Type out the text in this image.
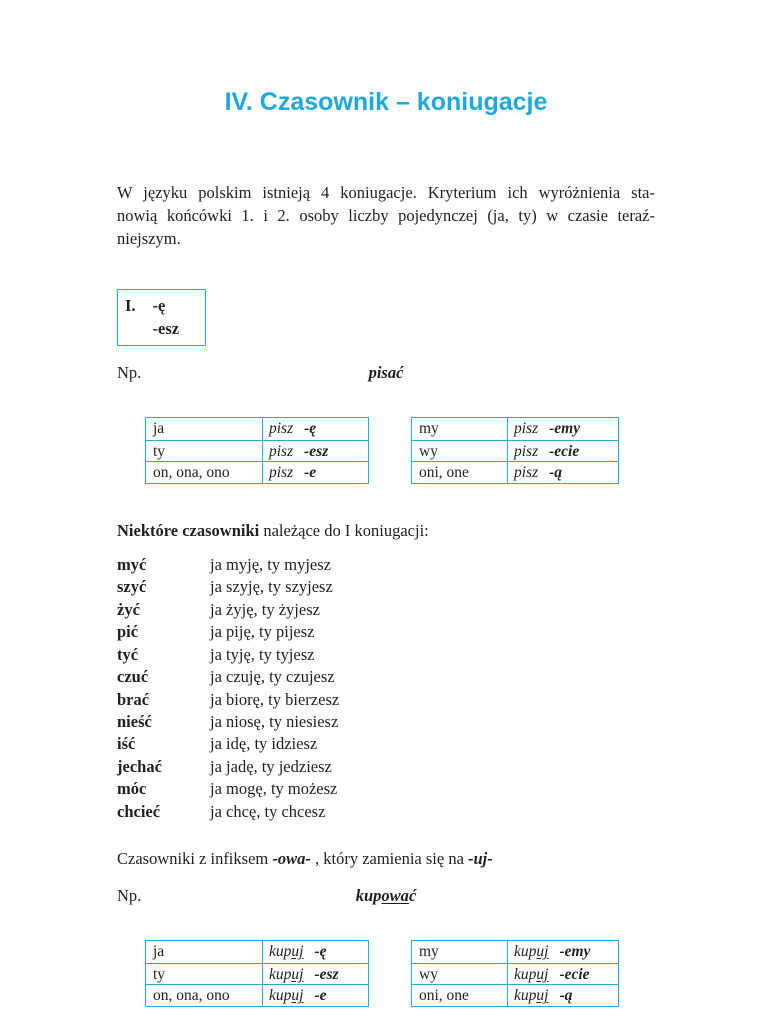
IV. Czasownik – koniugacje
W języku polskim istnieją 4 koniugacje. Kryterium ich wyróżnienia sta-
nowią końcówki 1. i 2. osoby liczby pojedynczej (ja, ty) w czasie teraź-
niejszym.
I. -ę
-esz
Np.	pisać
ja	pisz -ę
ty	pisz -esz
on, ona, ono	pisz -e
my	pisz -emy
wy	pisz -ecie
oni, one	pisz -ą
Niektóre czasowniki należące do I koniugacji:
myć	ja myję, ty myjesz
szyć	ja szyję, ty szyjesz
żyć	ja żyję, ty żyjesz
pić	ja piję, ty pijesz
tyć	ja tyję, ty tyjesz
czuć	ja czuję, ty czujesz
brać	ja biorę, ty bierzesz
nieść	ja niosę, ty niesiesz
iść	ja idę, ty idziesz
jechać	ja jadę, ty jedziesz
móc	ja mogę, ty możesz
chcieć	ja chcę, ty chcesz
Czasowniki z infiksem -owa- , który zamienia się na -uj-
Np.	kupować
ja	kupuj -ę
ty	kupuj -esz
on, ona, ono	kupuj -e
my	kupuj -emy
wy	kupuj -ecie
oni, one	kupuj -ą
